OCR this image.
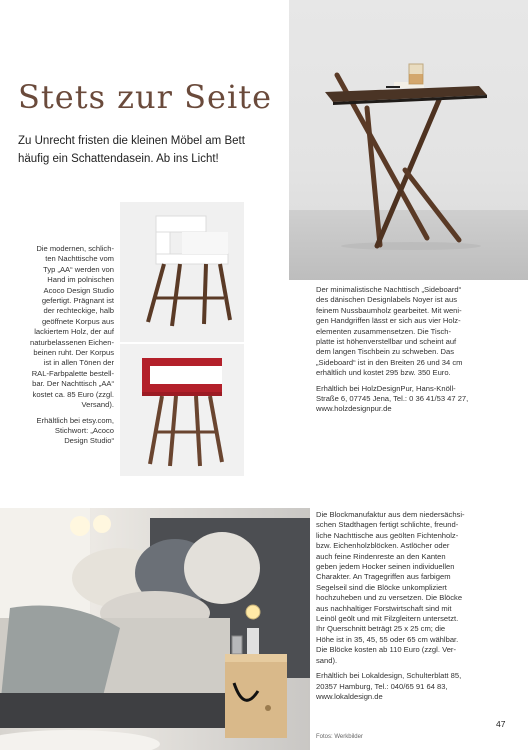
Stets zur Seite
Zu Unrecht fristen die kleinen Möbel am Bett
häufig ein Schattendasein. Ab ins Licht!
Die modernen, schlich-
ten Nachttische vom
Typ „AA“ werden von
Hand im polnischen
Acoco Design Studio
gefertigt. Prägnant ist
der rechteckige, halb
geöffnete Korpus aus
lackiertem Holz, der auf
naturbelassenen Eichen-
beinen ruht. Der Korpus
ist in allen Tönen der
RAL-Farbpalette bestell-
bar. Der Nachttisch „AA“
kostet ca. 85 Euro (zzgl.
Versand).
Erhältlich bei etsy.com,
Stichwort: „Acoco
Design Studio“
Der minimalistische Nachttisch „Sideboard“
des dänischen Designlabels Noyer ist aus
feinem Nussbaumholz gearbeitet. Mit weni-
gen Handgriffen lässt er sich aus vier Holz-
elementen zusammensetzen. Die Tisch-
platte ist höhenverstellbar und scheint auf
dem langen Tischbein zu schweben. Das
„Sideboard“ ist in den Breiten 26 und 34 cm
erhältlich und kostet 295 bzw. 350 Euro.
Erhältlich bei HolzDesignPur, Hans-Knöll-
Straße 6, 07745 Jena, Tel.: 0 36 41/53 47 27,
www.holzdesignpur.de
Die Blockmanufaktur aus dem niedersächsi-
schen Stadthagen fertigt schlichte, freund-
liche Nachttische aus geölten Fichtenholz-
bzw. Eichenholzblöcken. Astlöcher oder
auch feine Rindenreste an den Kanten
geben jedem Hocker seinen individuellen
Charakter. An Tragegriffen aus farbigem
Segelseil sind die Blöcke unkompliziert
hochzuheben und zu versetzen. Die Blöcke
aus nachhaltiger Forstwirtschaft sind mit
Leinöl geölt und mit Filzgleitern untersetzt.
Ihr Querschnitt beträgt 25 x 25 cm; die
Höhe ist in 35, 45, 55 oder 65 cm wählbar.
Die Blöcke kosten ab 110 Euro (zzgl. Ver-
sand).
Erhältlich bei Lokaldesign, Schulterblatt 85,
20357 Hamburg, Tel.: 040/65 91 64 83,
www.lokaldesign.de
47
Fotos: Werkbilder
